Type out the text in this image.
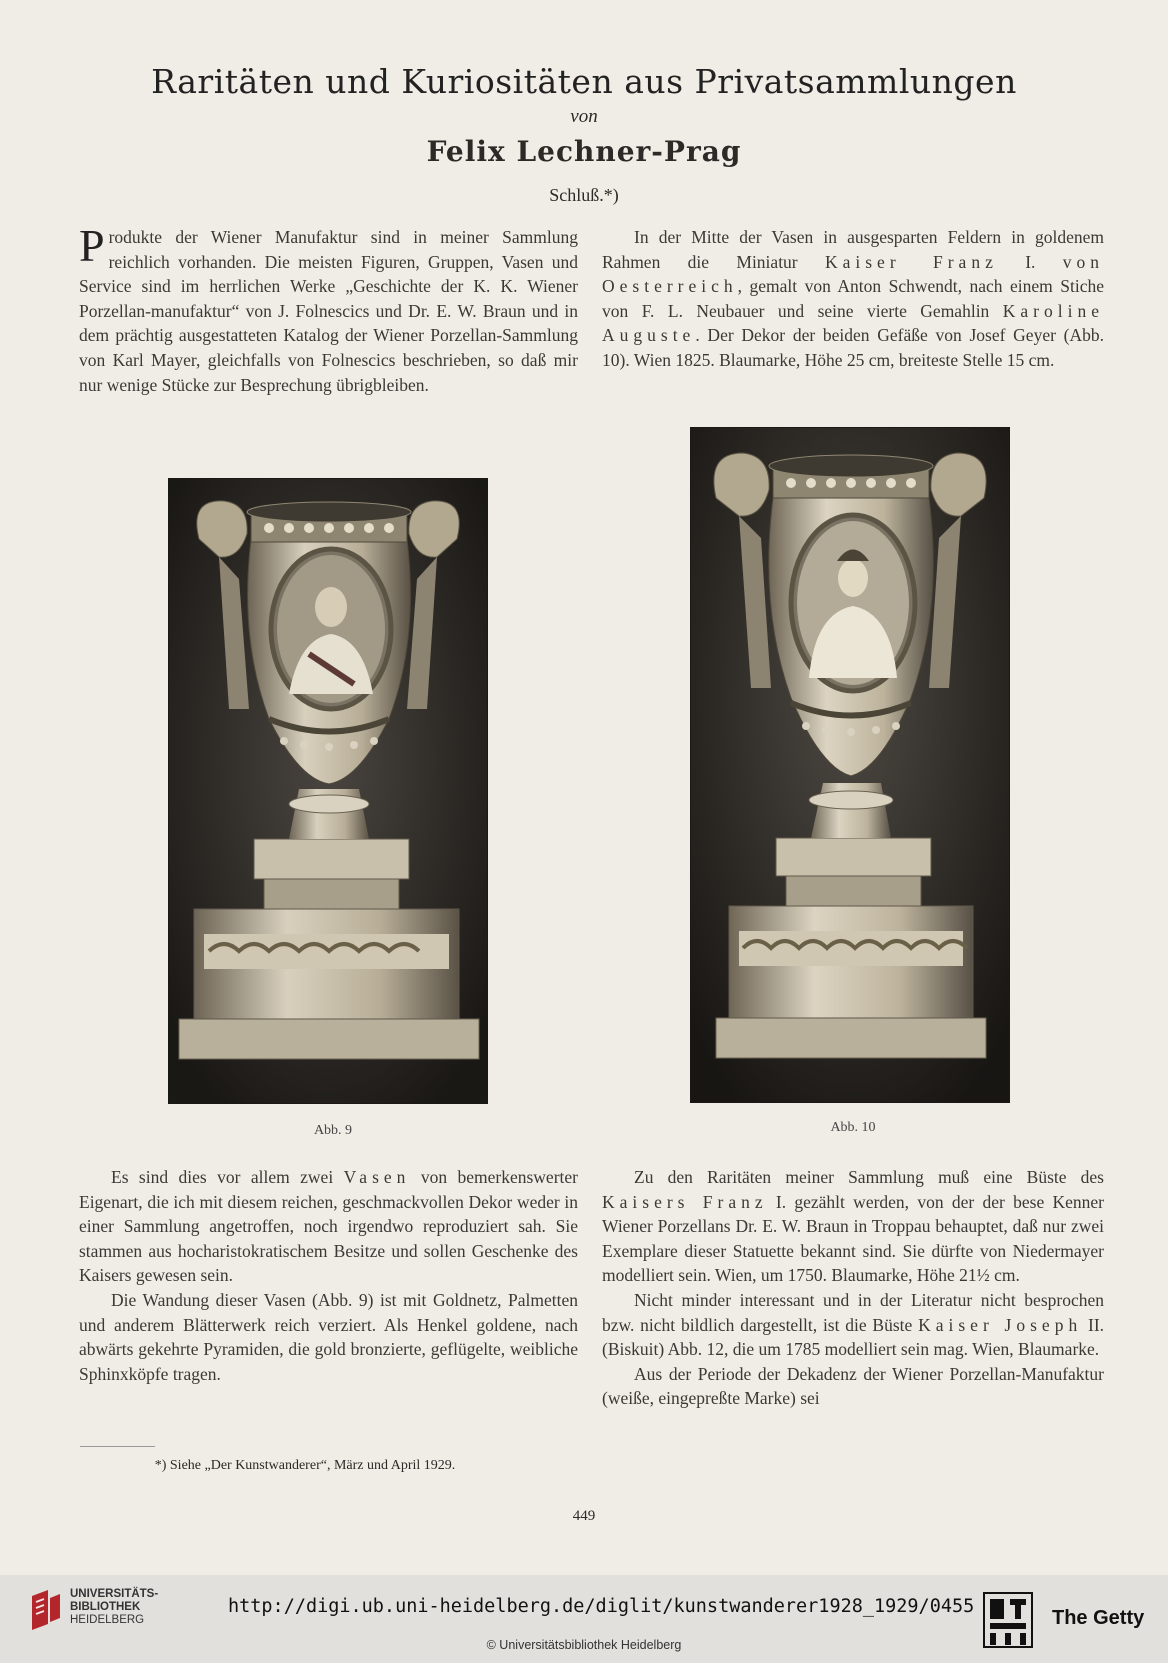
Raritäten und Kuriositäten aus Privatsammlungen
von
Felix Lechner-Prag
Schluß.*)

Produkte der Wiener Manufaktur sind in meiner Sammlung reichlich vorhanden. Die meisten Figuren, Gruppen, Vasen und Service sind im herrlichen Werke „Geschichte der K. K. Wiener Porzellan-manufaktur“ von J. Folnescics und Dr. E. W. Braun und in dem prächtig ausgestatteten Katalog der Wiener Porzellan-Sammlung von Karl Mayer, gleichfalls von Folnescics beschrieben, so daß mir nur wenige Stücke zur Besprechung übrigbleiben.

In der Mitte der Vasen in ausgesparten Feldern in goldenem Rahmen die Miniatur Kaiser Franz I. von Oesterreich, gemalt von Anton Schwendt, nach einem Stiche von F. L. Neubauer und seine vierte Gemahlin Karoline Auguste. Der Dekor der beiden Gefäße von Josef Geyer (Abb. 10). Wien 1825. Blaumarke, Höhe 25 cm, breiteste Stelle 15 cm.

Abb. 9	Abb. 10

Es sind dies vor allem zwei Vasen von bemerkenswerter Eigenart, die ich mit diesem reichen, geschmackvollen Dekor weder in einer Sammlung angetroffen, noch irgendwo reproduziert sah. Sie stammen aus hocharistokratischem Besitze und sollen Geschenke des Kaisers gewesen sein.

Die Wandung dieser Vasen (Abb. 9) ist mit Goldnetz, Palmetten und anderem Blätterwerk reich verziert. Als Henkel goldene, nach abwärts gekehrte Pyramiden, die gold bronzierte, geflügelte, weibliche Sphinxköpfe tragen.

Zu den Raritäten meiner Sammlung muß eine Büste des Kaisers Franz I. gezählt werden, von der der bese Kenner Wiener Porzellans Dr. E. W. Braun in Troppau behauptet, daß nur zwei Exemplare dieser Statuette bekannt sind. Sie dürfte von Niedermayer modelliert sein. Wien, um 1750. Blaumarke, Höhe 21½ cm.

Nicht minder interessant und in der Literatur nicht besprochen bzw. nicht bildlich dargestellt, ist die Büste Kaiser Joseph II. (Biskuit) Abb. 12, die um 1785 modelliert sein mag. Wien, Blaumarke.

Aus der Periode der Dekadenz der Wiener Porzellan-Manufaktur (weiße, eingepreßte Marke) sei

*) Siehe „Der Kunstwanderer“, März und April 1929.
449
UNIVERSITÄTS-
BIBLIOTHEK
HEIDELBERG
http://digi.ub.uni-heidelberg.de/diglit/kunstwanderer1928_1929/0455
© Universitätsbibliothek Heidelberg
The Getty
